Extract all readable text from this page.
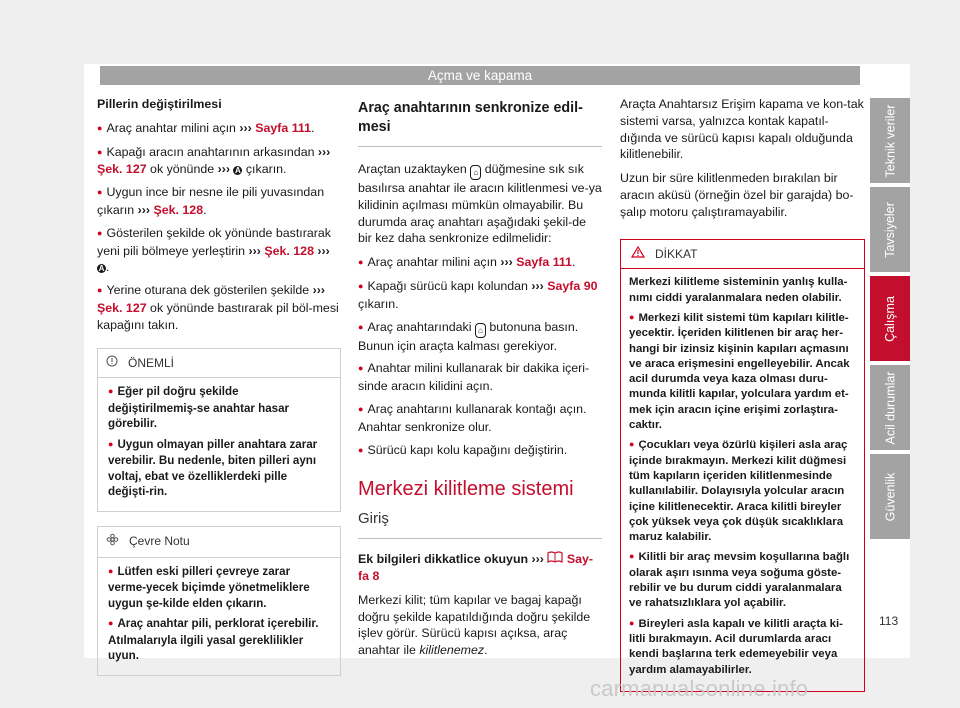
Açma ve kapama

Pillerin değiştirilmesi

● Araç anahtar milini açın ››› Sayfa 111.
● Kapağı aracın anahtarının arkasından ››› Şek. 127 ok yönünde ››› A çıkarın.
● Uygun ince bir nesne ile pili yuvasından çıkarın ››› Şek. 128.
● Gösterilen şekilde ok yönünde bastırarak yeni pili bölmeye yerleştirin ››› Şek. 128 ››› A .
● Yerine oturana dek gösterilen şekilde ››› Şek. 127 ok yönünde bastırarak pil böl-mesi kapağını takın.
ÖNEMLİ
● Eğer pil doğru şekilde değiştirilmemiş-se anahtar hasar görebilir.
● Uygun olmayan piller anahtara zarar verebilir. Bu nedenle, biten pilleri aynı voltaj, ebat ve özelliklerdeki pille değişti-rin.
Çevre Notu
● Lütfen eski pilleri çevreye zarar verme-yecek biçimde yönetmeliklere uygun şe-kilde elden çıkarın.
● Araç anahtar pili, perklorat içerebilir. Atılmalarıyla ilgili yasal gereklilikler uyun.
Araç anahtarının senkronize edil-mesi

Araçtan uzaktayken ⌂ düğmesine sık sık basılırsa anahtar ile aracın kilitlenmesi ve-ya kilidinin açılması mümkün olmayabilir. Bu durumda araç anahtarı aşağıdaki şekil-de bir kez daha senkronize edilmelidir:

● Araç anahtar milini açın ››› Sayfa 111.
● Kapağı sürücü kapı kolundan ››› Sayfa 90 çıkarın.
● Araç anahtarındaki ⌂ butonuna basın. Bunun için araçta kalması gerekiyor.
● Anahtar milini kullanarak bir dakika içeri-sinde aracın kilidini açın.
● Araç anahtarını kullanarak kontağı açın. Anahtar senkronize olur.
● Sürücü kapı kolu kapağını değiştirin.
Merkezi kilitleme sistemi
Giriş

Ek bilgileri dikkatlice okuyun ›››  Say-fa 8

Merkezi kilit; tüm kapılar ve bagaj kapağı doğru şekilde kapatıldığında doğru şekilde işlev görür. Sürücü kapısı açıksa, araç anahtar ile kilitlenemez.

Araçta Anahtarsız Erişim kapama ve kon-tak sistemi varsa, yalnızca kontak kapatıl-dığında ve sürücü kapısı kapalı olduğunda kilitlenebilir.

Uzun bir süre kilitlenmeden bırakılan bir aracın aküsü (örneğin özel bir garajda) bo-şalıp motoru çalıştıramayabilir.

DİKKAT

Merkezi kilitleme sisteminin yanlış kulla-nımı ciddi yaralanmalara neden olabilir.

● Merkezi kilit sistemi tüm kapıları kilitle-yecektir. İçeriden kilitlenen bir araç her-hangi bir izinsiz kişinin kapıları açmasını ve araca erişmesini engelleyebilir. Ancak acil durumda veya kaza olması duru-munda kilitli kapılar, yolculara yardım et-mek için aracın içine erişimi zorlaştıra-caktır.
● Çocukları veya özürlü kişileri asla araç içinde bırakmayın. Merkezi kilit düğmesi tüm kapıların içeriden kilitlenmesinde kullanılabilir. Dolayısıyla yolcular aracın içine kilitlenecektir. Araca kilitli bireyler çok yüksek veya çok düşük sıcaklıklara maruz kalabilir.
● Kilitli bir araç mevsim koşullarına bağlı olarak aşırı ısınma veya soğuma göste-rebilir ve bu durum ciddi yaralanmalara ve rahatsızlıklara yol açabilir.
● Bireyleri asla kapalı ve kilitli araçta ki-litli bırakmayın. Acil durumlarda aracı kendi başlarına terk edemeyebilir veya yardım alamayabilirler.
Teknik veriler
Tavsiyeler
Çalışma
Acil durumlar
Güvenlik
113
carmanualsonline.info
